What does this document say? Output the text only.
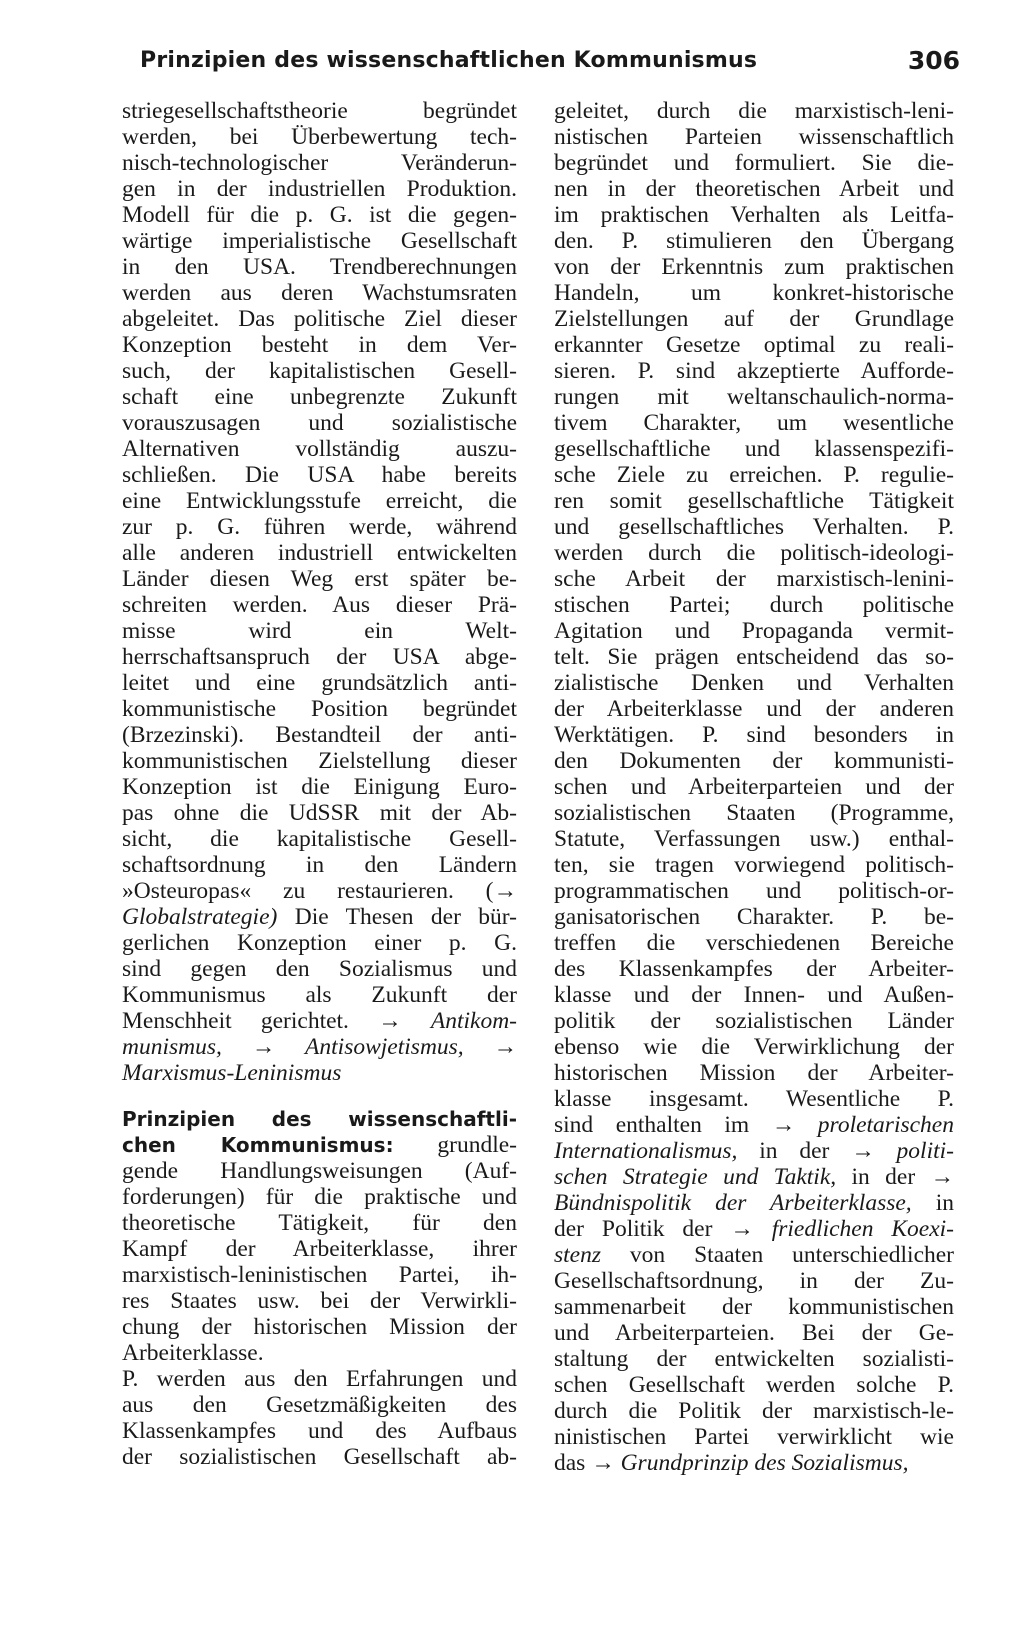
Prinzipien des wissenschaftlichen Kommunismus	306
striegesellschaftstheorie begründet
werden, bei Überbewertung tech-
nisch-technologischer Veränderun-
gen in der industriellen Produktion.
Modell für die p. G. ist die gegen-
wärtige imperialistische Gesellschaft
in den USA. Trendberechnungen
werden aus deren Wachstumsraten
abgeleitet. Das politische Ziel dieser
Konzeption besteht in dem Ver-
such, der kapitalistischen Gesell-
schaft eine unbegrenzte Zukunft
vorauszusagen und sozialistische
Alternativen vollständig auszu-
schließen. Die USA habe bereits
eine Entwicklungsstufe erreicht, die
zur p. G. führen werde, während
alle anderen industriell entwickelten
Länder diesen Weg erst später be-
schreiten werden. Aus dieser Prä-
misse wird ein Welt-
herrschaftsanspruch der USA abge-
leitet und eine grundsätzlich anti-
kommunistische Position begründet
(Brzezinski). Bestandteil der anti-
kommunistischen Zielstellung dieser
Konzeption ist die Einigung Euro-
pas ohne die UdSSR mit der Ab-
sicht, die kapitalistische Gesell-
schaftsordnung in den Ländern
»Osteuropas« zu restaurieren. (→
Globalstrategie) Die Thesen der bür-
gerlichen Konzeption einer p. G.
sind gegen den Sozialismus und
Kommunismus als Zukunft der
Menschheit gerichtet. → Antikom-
munismus, → Antisowjetismus, →
Marxismus-Leninismus
Prinzipien des wissenschaftli-
chen Kommunismus: grundle-
gende Handlungsweisungen (Auf-
forderungen) für die praktische und
theoretische Tätigkeit, für den
Kampf der Arbeiterklasse, ihrer
marxistisch-leninistischen Partei, ih-
res Staates usw. bei der Verwirkli-
chung der historischen Mission der
Arbeiterklasse.
P. werden aus den Erfahrungen und
aus den Gesetzmäßigkeiten des
Klassenkampfes und des Aufbaus
der sozialistischen Gesellschaft ab-
geleitet, durch die marxistisch-leni-
nistischen Parteien wissenschaftlich
begründet und formuliert. Sie die-
nen in der theoretischen Arbeit und
im praktischen Verhalten als Leitfa-
den. P. stimulieren den Übergang
von der Erkenntnis zum praktischen
Handeln, um konkret-historische
Zielstellungen auf der Grundlage
erkannter Gesetze optimal zu reali-
sieren. P. sind akzeptierte Aufforde-
rungen mit weltanschaulich-norma-
tivem Charakter, um wesentliche
gesellschaftliche und klassenspezifi-
sche Ziele zu erreichen. P. regulie-
ren somit gesellschaftliche Tätigkeit
und gesellschaftliches Verhalten. P.
werden durch die politisch-ideologi-
sche Arbeit der marxistisch-lenini-
stischen Partei; durch politische
Agitation und Propaganda vermit-
telt. Sie prägen entscheidend das so-
zialistische Denken und Verhalten
der Arbeiterklasse und der anderen
Werktätigen. P. sind besonders in
den Dokumenten der kommunisti-
schen und Arbeiterparteien und der
sozialistischen Staaten (Programme,
Statute, Verfassungen usw.) enthal-
ten, sie tragen vorwiegend politisch-
programmatischen und politisch-or-
ganisatorischen Charakter. P. be-
treffen die verschiedenen Bereiche
des Klassenkampfes der Arbeiter-
klasse und der Innen- und Außen-
politik der sozialistischen Länder
ebenso wie die Verwirklichung der
historischen Mission der Arbeiter-
klasse insgesamt. Wesentliche P.
sind enthalten im → proletarischen
Internationalismus, in der → politi-
schen Strategie und Taktik, in der →
Bündnispolitik der Arbeiterklasse, in
der Politik der → friedlichen Koexi-
stenz von Staaten unterschiedlicher
Gesellschaftsordnung, in der Zu-
sammenarbeit der kommunistischen
und Arbeiterparteien. Bei der Ge-
staltung der entwickelten sozialisti-
schen Gesellschaft werden solche P.
durch die Politik der marxistisch-le-
ninistischen Partei verwirklicht wie
das → Grundprinzip des Sozialismus,
